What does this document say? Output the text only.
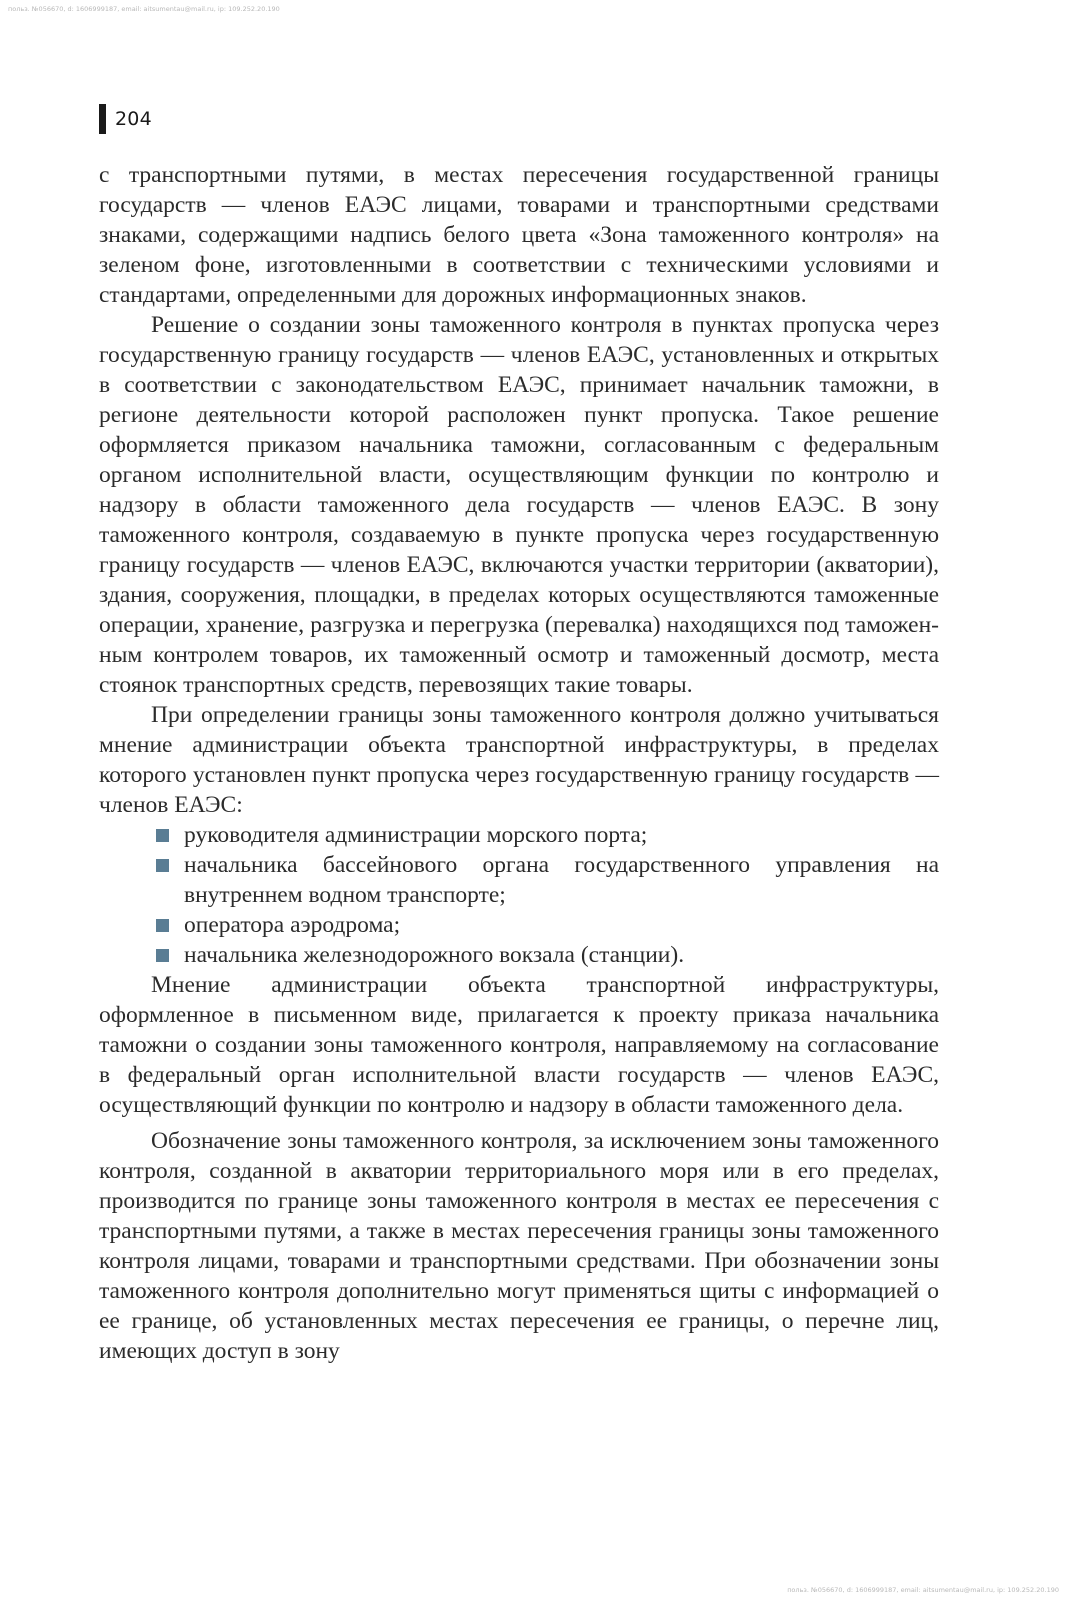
польз. №056670, d: 1606999187, email: aitsumentau@mail.ru, ip: 109.252.20.190
204

с транспортными путями, в местах пересечения государственной границы государств — членов ЕАЭС лицами, товарами и транспортными средствами знаками, содержащими надпись белого цвета «Зона таможенного контроля» на зеленом фоне, изготовленными в соответствии с техническими условиями и стандартами, определенными для дорожных информационных знаков.

Решение о создании зоны таможенного контроля в пунктах пропуска через государственную границу государств — членов ЕАЭС, установленных и открытых в соответствии с законодательством ЕАЭС, принимает начальник таможни, в регионе деятельности которой расположен пункт пропуска. Такое решение оформляется приказом начальника таможни, согласованным с федеральным органом исполнительной власти, осуществляющим функции по контролю и надзору в области таможенного дела государств — членов ЕАЭС. В зону таможенного контроля, создаваемую в пункте пропуска через государственную границу государств — членов ЕАЭС, включаются участки территории (акватории), здания, сооружения, площадки, в пределах которых осуществляются таможенные операции, хранение, разгрузка и перегрузка (перевалка) находящихся под таможенным контролем товаров, их таможенный осмотр и таможенный досмотр, места стоянок транспортных средств, перевозящих такие товары.

При определении границы зоны таможенного контроля должно учитываться мнение администрации объекта транспортной инфраструктуры, в пределах которого установлен пункт пропуска через государственную границу государств — членов ЕАЭС:

руководителя администрации морского порта;
начальника бассейнового органа государственного управления на внутреннем водном транспорте;
оператора аэродрома;
начальника железнодорожного вокзала (станции).

Мнение администрации объекта транспортной инфраструктуры, оформленное в письменном виде, прилагается к проекту приказа начальника таможни о создании зоны таможенного контроля, направляемому на согласование в федеральный орган исполнительной власти государств — членов ЕАЭС, осуществляющий функции по контролю и надзору в области таможенного дела.

Обозначение зоны таможенного контроля, за исключением зоны таможенного контроля, созданной в акватории территориального моря или в его пределах, производится по границе зоны таможенного контроля в местах ее пересечения с транспортными путями, а также в местах пересечения границы зоны таможенного контроля лицами, товарами и транспортными средствами. При обозначении зоны таможенного контроля дополнительно могут применяться щиты с информацией о ее границе, об установленных местах пересечения ее границы, о перечне лиц, имеющих доступ в зону

польз. №056670, d: 1606999187, email: aitsumentau@mail.ru, ip: 109.252.20.190
